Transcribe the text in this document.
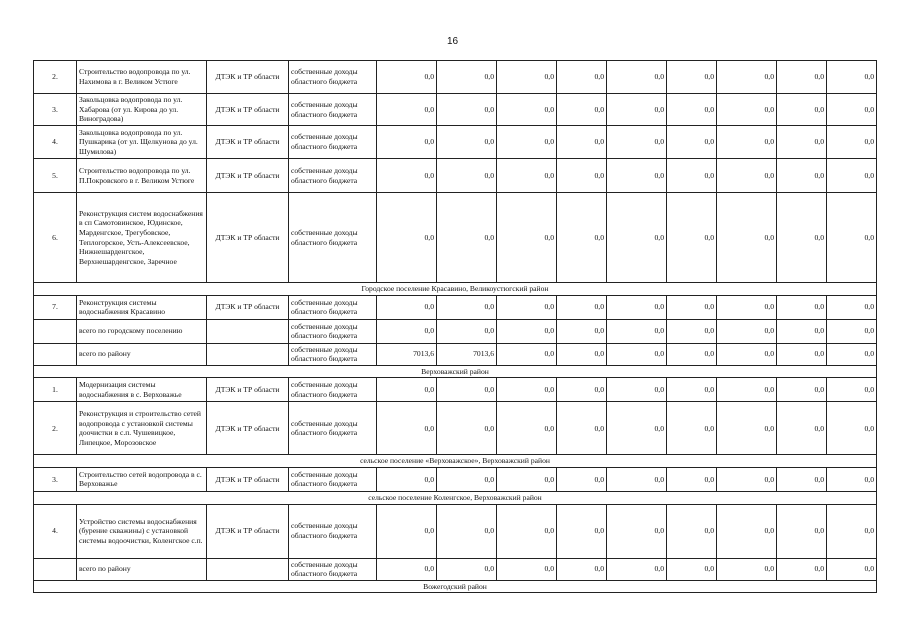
16
2.	Строительство водопровода по ул. Нахимова в г. Великом Устюге	ДТЭК и ТР области	собственные доходы областного бюджета	0,0	0,0	0,0	0,0	0,0	0,0	0,0	0,0	0,0
3.	Закольцовка водопровода по ул. Хабарова (от ул. Кирова до ул. Виноградова)	ДТЭК и ТР области	собственные доходы областного бюджета	0,0	0,0	0,0	0,0	0,0	0,0	0,0	0,0	0,0
4.	Закольцовка водопровода по ул. Пушкарика (от ул. Щелкунова до ул. Шумилова)	ДТЭК и ТР области	собственные доходы областного бюджета	0,0	0,0	0,0	0,0	0,0	0,0	0,0	0,0	0,0
5.	Строительство водопровода по ул. П.Покровского в г. Великом Устюге	ДТЭК и ТР области	собственные доходы областного бюджета	0,0	0,0	0,0	0,0	0,0	0,0	0,0	0,0	0,0
6.	Реконструкция систем водоснабжения в сп Самотовинское, Юдинское, Марденгское, Трегубовское, Теплогорское, Усть-Алексеевское, Нижнешарденгское, Верхнешарденгское, Заречное	ДТЭК и ТР области	собственные доходы областного бюджета	0,0	0,0	0,0	0,0	0,0	0,0	0,0	0,0	0,0
Городское поселение Красавино, Великоустюгский район												
7.	Реконструкция системы водоснабжения Красавино	ДТЭК и ТР области	собственные доходы областного бюджета	0,0	0,0	0,0	0,0	0,0	0,0	0,0	0,0	0,0
	всего по городскому поселению		собственные доходы областного бюджета	0,0	0,0	0,0	0,0	0,0	0,0	0,0	0,0	0,0
	всего по району		собственные доходы областного бюджета	7013,6	7013,6	0,0	0,0	0,0	0,0	0,0	0,0	0,0
Верховажский район												
1.	Модернизация системы водоснабжения в с. Верховажье	ДТЭК и ТР области	собственные доходы областного бюджета	0,0	0,0	0,0	0,0	0,0	0,0	0,0	0,0	0,0
2.	Реконструкция и строительство сетей водопровода с установкой системы доочистки в с.п. Чушевицкое, Липецкое, Морозовское	ДТЭК и ТР области	собственные доходы областного бюджета	0,0	0,0	0,0	0,0	0,0	0,0	0,0	0,0	0,0
сельское поселение «Верховажское», Верховажский район												
3.	Строительство сетей водопровода в с. Верховажье	ДТЭК и ТР области	собственные доходы областного бюджета	0,0	0,0	0,0	0,0	0,0	0,0	0,0	0,0	0,0
сельское поселение Коленгское, Верховажский район												
4.	Устройство системы водоснабжения (бурение скважины) с установкой системы водоочистки, Коленгское с.п.	ДТЭК и ТР области	собственные доходы областного бюджета	0,0	0,0	0,0	0,0	0,0	0,0	0,0	0,0	0,0
	всего по району		собственные доходы областного бюджета	0,0	0,0	0,0	0,0	0,0	0,0	0,0	0,0	0,0
Вожегодский район												
